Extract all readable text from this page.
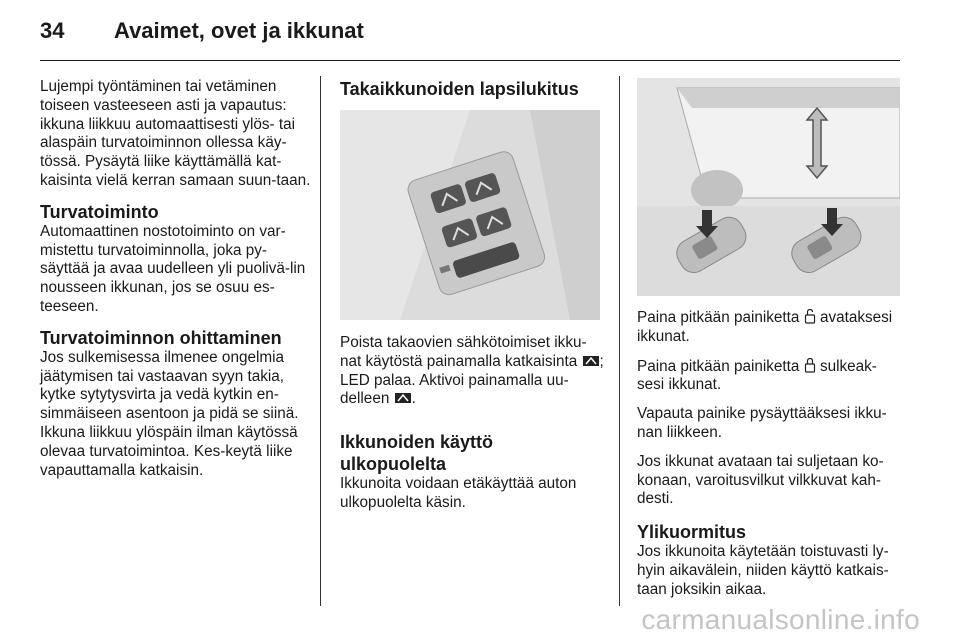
34	Avaimet, ovet ja ikkunat

Lujempi työntäminen tai vetäminen toiseen vasteeseen asti ja vapautus: ikkuna liikkuu automaattisesti ylös- tai alaspäin turvatoiminnon ollessa käy-tössä. Pysäytä liike käyttämällä kat-kaisinta vielä kerran samaan suun-taan.

Turvatoiminto

Automaattinen nostotoiminto on var-mistettu turvatoiminnolla, joka py-säyttää ja avaa uudelleen yli puolivä-lin nousseen ikkunan, jos se osuu es-teeseen.

Turvatoiminnon ohittaminen

Jos sulkemisessa ilmenee ongelmia jäätymisen tai vastaavan syyn takia, kytke sytytysvirta ja vedä kytkin en-simmäiseen asentoon ja pidä se siinä. Ikkuna liikkuu ylöspäin ilman käytössä olevaa turvatoimintoa. Kes-keytä liike vapauttamalla katkaisin.

Takaikkunoiden lapsilukitus

Poista takaovien sähkötoimiset ikku-nat käytöstä painamalla katkaisinta ; LED palaa. Aktivoi painamalla uu-delleen .

Ikkunoiden käyttö ulkopuolelta

Ikkunoita voidaan etäkäyttää auton ulkopuolelta käsin.

Paina pitkään painiketta avataksesi ikkunat.

Paina pitkään painiketta sulkeak-sesi ikkunat.

Vapauta painike pysäyttääksesi ikku-nan liikkeen.

Jos ikkunat avataan tai suljetaan ko-konaan, varoitusvilkut vilkkuvat kah-desti.

Ylikuormitus

Jos ikkunoita käytetään toistuvasti ly-hyin aikavälein, niiden käyttö katkais-taan joksikin aikaa.

carmanualsonline.info
